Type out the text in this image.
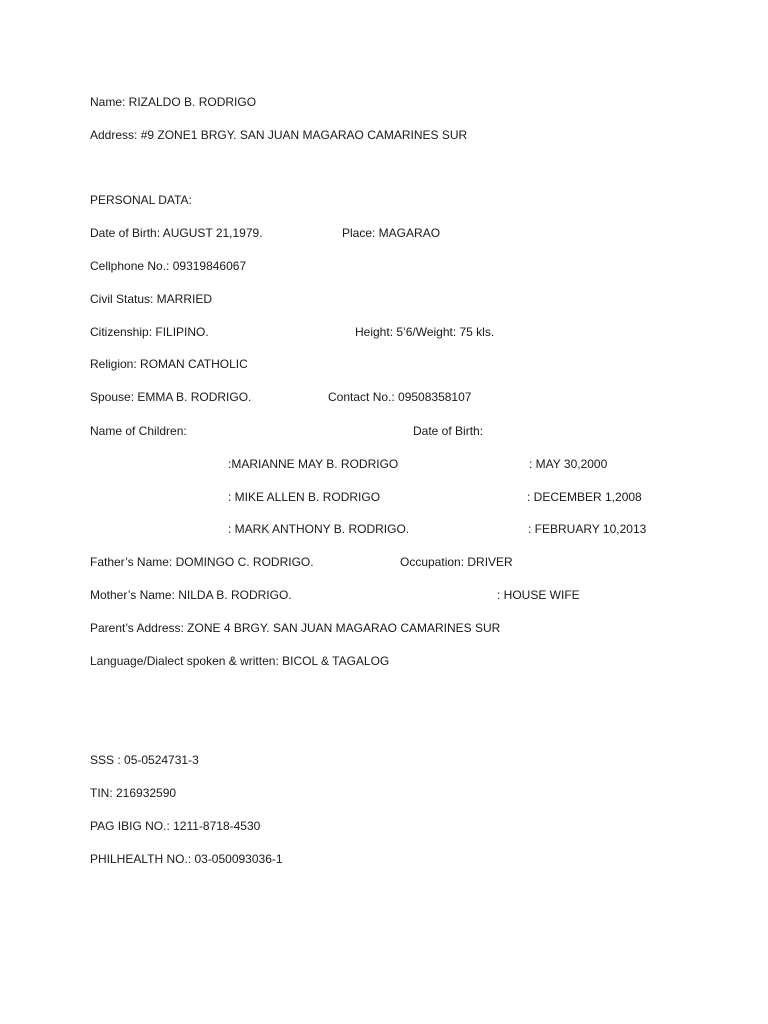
Name: RIZALDO B. RODRIGO
Address: #9 ZONE1 BRGY. SAN JUAN MAGARAO CAMARINES SUR
PERSONAL DATA:
Date of Birth: AUGUST 21,1979.	Place: MAGARAO
Cellphone No.: 09319846067
Civil Status: MARRIED
Citizenship: FILIPINO.	Height: 5’6/Weight: 75 kls.
Religion: ROMAN CATHOLIC
Spouse: EMMA B. RODRIGO.	Contact No.: 09508358107
Name of Children:	Date of Birth:
:MARIANNE MAY B. RODRIGO	: MAY 30,2000
: MIKE ALLEN B. RODRIGO	: DECEMBER 1,2008
: MARK ANTHONY B. RODRIGO.	: FEBRUARY 10,2013
Father’s Name: DOMINGO C. RODRIGO.	Occupation: DRIVER
Mother’s Name: NILDA B. RODRIGO.	: HOUSE WIFE
Parent’s Address: ZONE 4 BRGY. SAN JUAN MAGARAO CAMARINES SUR
Language/Dialect spoken & written: BICOL & TAGALOG
SSS : 05-0524731-3
TIN: 216932590
PAG IBIG NO.: 1211-8718-4530
PHILHEALTH NO.: 03-050093036-1
